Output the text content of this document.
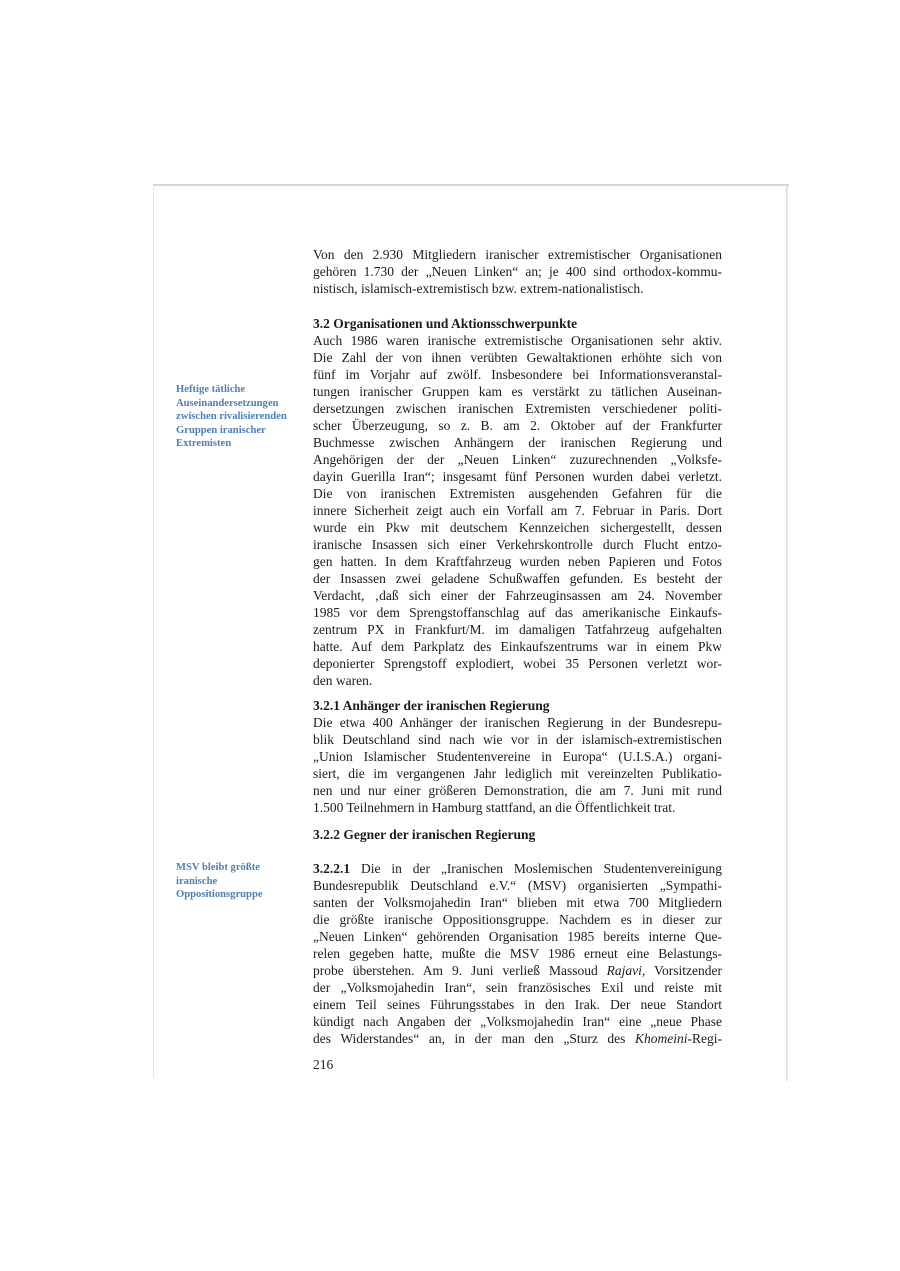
Heftige tätliche Auseinandersetzungen zwischen rivalisierenden Gruppen iranischer Extremisten
MSV bleibt größte iranische Oppositionsgruppe
Von den 2.930 Mitgliedern iranischer extremistischer Organisationen
gehören 1.730 der „Neuen Linken“ an; je 400 sind orthodox-kommu-
nistisch, islamisch-extremistisch bzw. extrem-nationalistisch.
3.2 Organisationen und Aktionsschwerpunkte
Auch 1986 waren iranische extremistische Organisationen sehr aktiv.
Die Zahl der von ihnen verübten Gewaltaktionen erhöhte sich von
fünf im Vorjahr auf zwölf. Insbesondere bei Informationsveranstal-
tungen iranischer Gruppen kam es verstärkt zu tätlichen Auseinan-
dersetzungen zwischen iranischen Extremisten verschiedener politi-
scher Überzeugung, so z. B. am 2. Oktober auf der Frankfurter
Buchmesse zwischen Anhängern der iranischen Regierung und
Angehörigen der der „Neuen Linken“ zuzurechnenden „Volksfe-
dayin Guerilla Iran“; insgesamt fünf Personen wurden dabei verletzt.
Die von iranischen Extremisten ausgehenden Gefahren für die
innere Sicherheit zeigt auch ein Vorfall am 7. Februar in Paris. Dort
wurde ein Pkw mit deutschem Kennzeichen sichergestellt, dessen
iranische Insassen sich einer Verkehrskontrolle durch Flucht entzo-
gen hatten. In dem Kraftfahrzeug wurden neben Papieren und Fotos
der Insassen zwei geladene Schußwaffen gefunden. Es besteht der
Verdacht, ‚daß sich einer der Fahrzeuginsassen am 24. November
1985 vor dem Sprengstoffanschlag auf das amerikanische Einkaufs-
zentrum PX in Frankfurt/M. im damaligen Tatfahrzeug aufgehalten
hatte. Auf dem Parkplatz des Einkaufszentrums war in einem Pkw
deponierter Sprengstoff explodiert, wobei 35 Personen verletzt wor-
den waren.
3.2.1 Anhänger der iranischen Regierung
Die etwa 400 Anhänger der iranischen Regierung in der Bundesrepu-
blik Deutschland sind nach wie vor in der islamisch-extremistischen
„Union Islamischer Studentenvereine in Europa“ (U.I.S.A.) organi-
siert, die im vergangenen Jahr lediglich mit vereinzelten Publikatio-
nen und nur einer größeren Demonstration, die am 7. Juni mit rund
1.500 Teilnehmern in Hamburg stattfand, an die Öffentlichkeit trat.
3.2.2 Gegner der iranischen Regierung
3.2.2.1 Die in der „Iranischen Moslemischen Studentenvereinigung
Bundesrepublik Deutschland e.V.“ (MSV) organisierten „Sympathi-
santen der Volksmojahedin Iran“ blieben mit etwa 700 Mitgliedern
die größte iranische Oppositionsgruppe. Nachdem es in dieser zur
„Neuen Linken“ gehörenden Organisation 1985 bereits interne Que-
relen gegeben hatte, mußte die MSV 1986 erneut eine Belastungs-
probe überstehen. Am 9. Juni verließ Massoud Rajavi, Vorsitzender
der „Volksmojahedin Iran“, sein französisches Exil und reiste mit
einem Teil seines Führungsstabes in den Irak. Der neue Standort
kündigt nach Angaben der „Volksmojahedin Iran“ eine „neue Phase
des Widerstandes“ an, in der man den „Sturz des Khomeini-Regi-
216
